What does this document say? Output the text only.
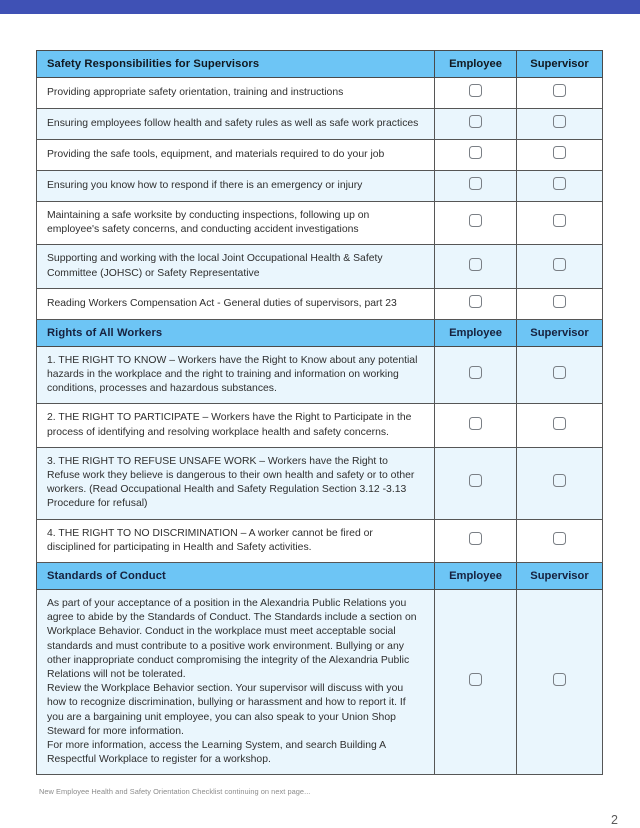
Safety Responsibilities for Supervisors	Employee	Supervisor
Providing appropriate safety orientation, training and instructions		
Ensuring employees follow health and safety rules as well as safe work practices		
Providing the safe tools, equipment, and materials required to do your job		
Ensuring you know how to respond if there is an emergency or injury		
Maintaining a safe worksite by conducting inspections, following up on employee's safety concerns, and conducting accident investigations		
Supporting and working with the local Joint Occupational Health & Safety Committee (JOHSC) or Safety Representative		
Reading Workers Compensation Act - General duties of supervisors, part 23		
Rights of All Workers	Employee	Supervisor
1. THE RIGHT TO KNOW – Workers have the Right to Know about any potential hazards in the workplace and the right to training and information on working conditions, processes and hazardous substances.		
2. THE RIGHT TO PARTICIPATE – Workers have the Right to Participate in the process of identifying and resolving workplace health and safety concerns.		
3. THE RIGHT TO REFUSE UNSAFE WORK – Workers have the Right to Refuse work they believe is dangerous to their own health and safety or to other workers. (Read Occupational Health and Safety Regulation Section 3.12 -3.13 Procedure for refusal)		
4. THE RIGHT TO NO DISCRIMINATION – A worker cannot be fired or disciplined for participating in Health and Safety activities.		
Standards of Conduct	Employee	Supervisor

As part of your acceptance of a position in the Alexandria Public Relations you agree to abide by the Standards of Conduct. The Standards include a section on Workplace Behavior. Conduct in the workplace must meet acceptable social standards and must contribute to a positive work environment. Bullying or any other inappropriate conduct compromising the integrity of the Alexandria Public Relations will not be tolerated.

Review the Workplace Behavior section. Your supervisor will discuss with you how to recognize discrimination, bullying or harassment and how to report it. If you are a bargaining unit employee, you can also speak to your Union Shop Steward for more information.

For more information, access the Learning System, and search Building A Respectful Workplace to register for a workshop.		

New Employee Health and Safety Orientation Checklist continuing on next page...
2
